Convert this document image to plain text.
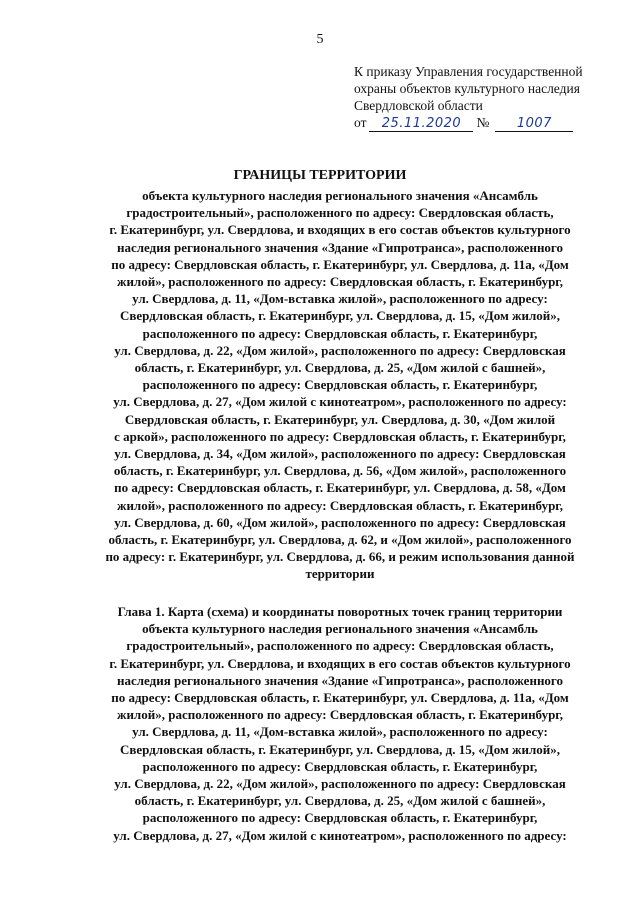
5
К приказу Управления государственной
охраны объектов культурного наследия
Свердловской области
от	25.11.2020	№	1007
ГРАНИЦЫ ТЕРРИТОРИИ
объекта культурного наследия регионального значения «Ансамбль
градостроительный», расположенного по адресу: Свердловская область,
г. Екатеринбург, ул. Свердлова, и входящих в его состав объектов культурного
наследия регионального значения «Здание «Гипротранса», расположенного
по адресу: Свердловская область, г. Екатеринбург, ул. Свердлова, д. 11а, «Дом
жилой», расположенного по адресу: Свердловская область, г. Екатеринбург,
ул. Свердлова, д. 11, «Дом-вставка жилой», расположенного по адресу:
Свердловская область, г. Екатеринбург, ул. Свердлова, д. 15, «Дом жилой»,
расположенного по адресу: Свердловская область, г. Екатеринбург,
ул. Свердлова, д. 22, «Дом жилой», расположенного по адресу: Свердловская
область, г. Екатеринбург, ул. Свердлова, д. 25, «Дом жилой с башней»,
расположенного по адресу: Свердловская область, г. Екатеринбург,
ул. Свердлова, д. 27, «Дом жилой с кинотеатром», расположенного по адресу:
Свердловская область, г. Екатеринбург, ул. Свердлова, д. 30, «Дом жилой
с аркой», расположенного по адресу: Свердловская область, г. Екатеринбург,
ул. Свердлова, д. 34, «Дом жилой», расположенного по адресу: Свердловская
область, г. Екатеринбург, ул. Свердлова, д. 56, «Дом жилой», расположенного
по адресу: Свердловская область, г. Екатеринбург, ул. Свердлова, д. 58, «Дом
жилой», расположенного по адресу: Свердловская область, г. Екатеринбург,
ул. Свердлова, д. 60, «Дом жилой», расположенного по адресу: Свердловская
область, г. Екатеринбург, ул. Свердлова, д. 62, и «Дом жилой», расположенного
по адресу: г. Екатеринбург, ул. Свердлова, д. 66, и режим использования данной
территории
Глава 1. Карта (схема) и координаты поворотных точек границ территории
объекта культурного наследия регионального значения «Ансамбль
градостроительный», расположенного по адресу: Свердловская область,
г. Екатеринбург, ул. Свердлова, и входящих в его состав объектов культурного
наследия регионального значения «Здание «Гипротранса», расположенного
по адресу: Свердловская область, г. Екатеринбург, ул. Свердлова, д. 11а, «Дом
жилой», расположенного по адресу: Свердловская область, г. Екатеринбург,
ул. Свердлова, д. 11, «Дом-вставка жилой», расположенного по адресу:
Свердловская область, г. Екатеринбург, ул. Свердлова, д. 15, «Дом жилой»,
расположенного по адресу: Свердловская область, г. Екатеринбург,
ул. Свердлова, д. 22, «Дом жилой», расположенного по адресу: Свердловская
область, г. Екатеринбург, ул. Свердлова, д. 25, «Дом жилой с башней»,
расположенного по адресу: Свердловская область, г. Екатеринбург,
ул. Свердлова, д. 27, «Дом жилой с кинотеатром», расположенного по адресу:
